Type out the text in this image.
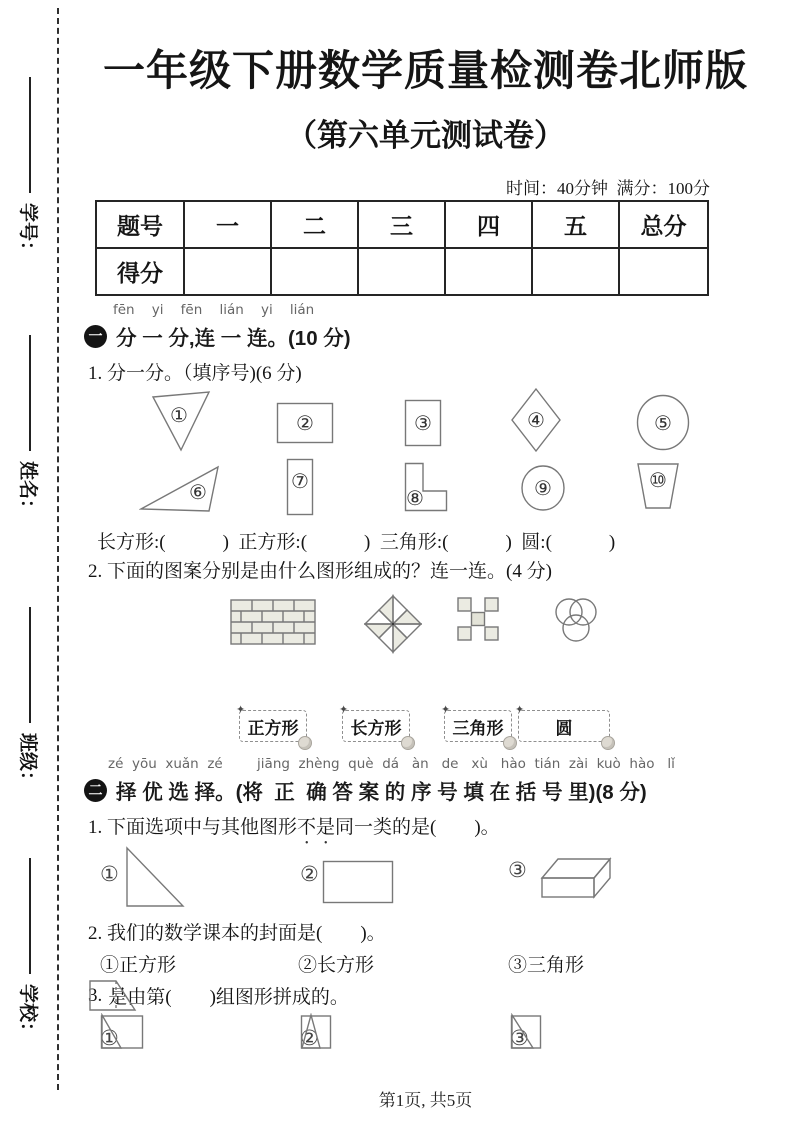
学号：
姓名：
班级：
学校：
一年级下册数学质量检测卷北师版
（第六单元测试卷）
时间：40分钟  满分：100分
题号	一	二	三	四	五	总分
得分						
fēn    yi    fēn    lián    yi    lián
一 分 一 分,连 一 连。(10 分)
1. 分一分。（填序号)(6 分)
①	②	③	④	⑤
⑥	⑦
⑧	⑨	⑩
长方形:(　　　)  正方形:(　　　)  三角形:(　　　)  圆:(　　　)
2. 下面的图案分别是由什么图形组成的？连一连。(4 分)
✦
正方形
✦
长方形
✦
三角形
✦
圆
zé  yōu  xuǎn  zé        jiāng  zhèng  què  dá   àn   de   xù   hào  tián  zài  kuò  hào   lǐ
二 择 优 选 择。(将  正  确 答 案 的 序 号 填 在 括 号 里)(8 分)
1. 下面选项中与其他图形不是同一类的是(　　)。
①	②	③
2. 我们的数学课本的封面是(　　)。
①正方形	②长方形	③三角形
3. 是由第(　　)组图形拼成的。
①	②	③
第1页, 共5页
